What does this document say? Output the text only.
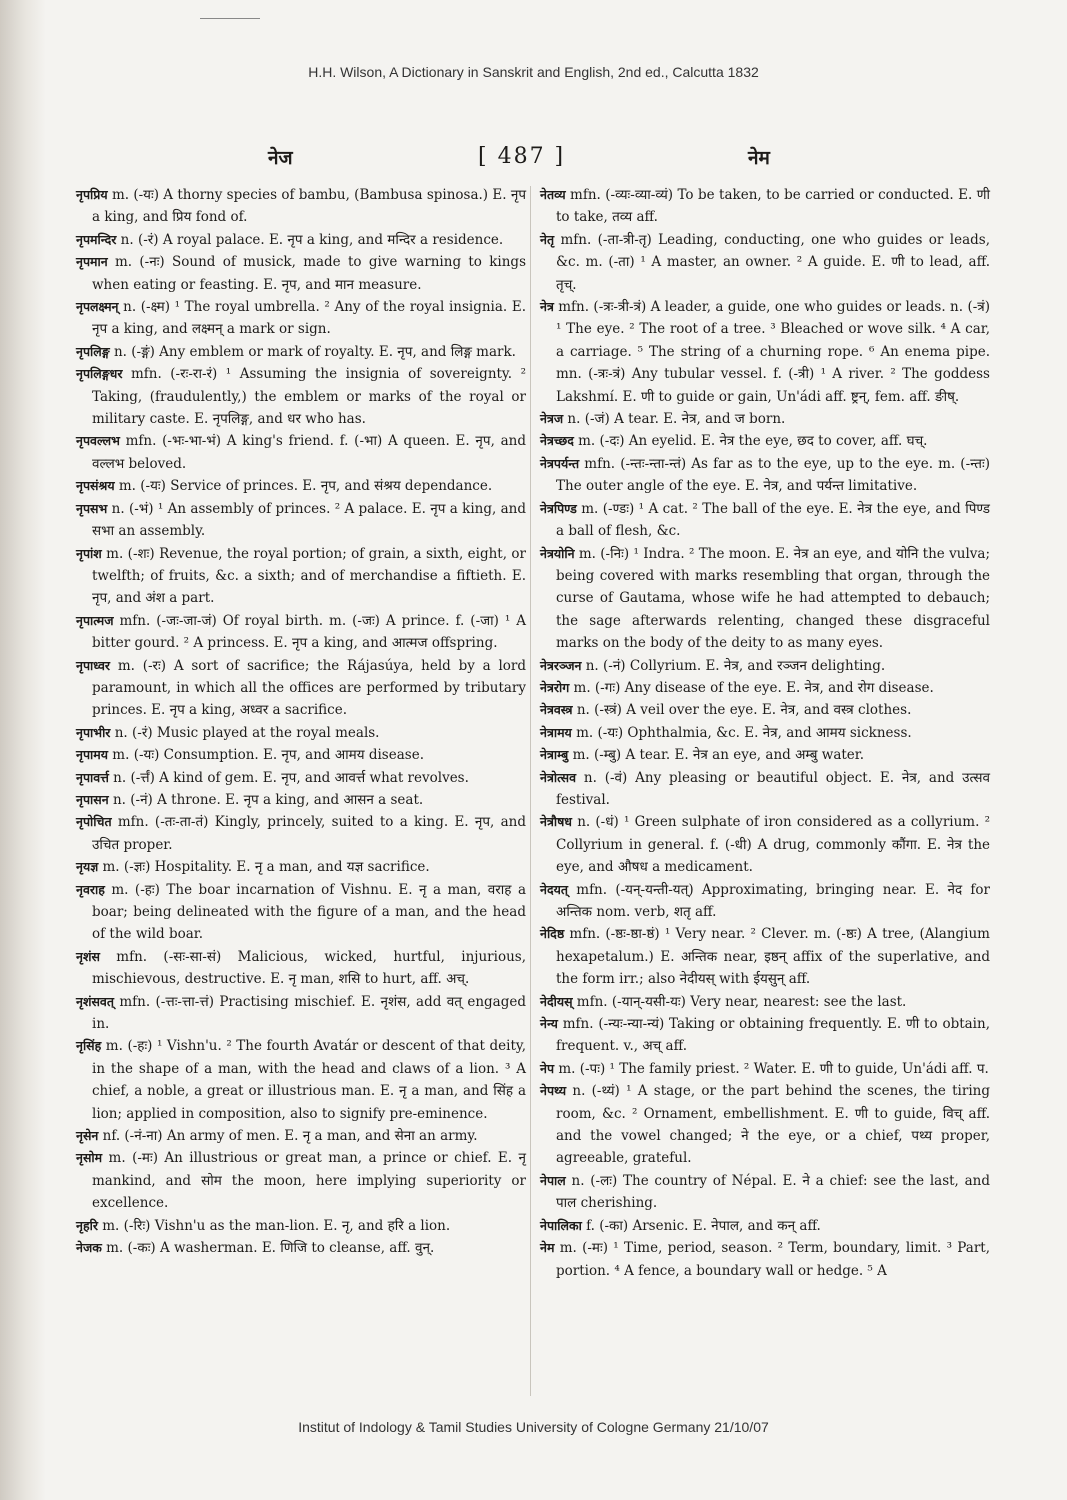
H.H. Wilson, A Dictionary in Sanskrit and English, 2nd ed., Calcutta 1832
नेज	[ 487 ]	नेम

नृपप्रिय m. (-यः) A thorny species of bambu, (Bambusa spinosa.) E. नृप a king, and प्रिय fond of.

नृपमन्दिर n. (-रं) A royal palace. E. नृप a king, and मन्दिर a residence.

नृपमान m. (-नः) Sound of musick, made to give warning to kings when eating or feasting. E. नृप, and मान measure.

नृपलक्ष्मन् n. (-क्ष्म) ¹ The royal umbrella. ² Any of the royal insignia. E. नृप a king, and लक्ष्मन् a mark or sign.

नृपलिङ्ग n. (-ङ्गं) Any emblem or mark of royalty. E. नृप, and लिङ्ग mark.

नृपलिङ्गधर mfn. (-रः-रा-रं) ¹ Assuming the insignia of sovereignty. ² Taking, (fraudulently,) the emblem or marks of the royal or military caste. E. नृपलिङ्ग, and धर who has.

नृपवल्लभ mfn. (-भः-भा-भं) A king's friend. f. (-भा) A queen. E. नृप, and वल्लभ beloved.

नृपसंश्रय m. (-यः) Service of princes. E. नृप, and संश्रय dependance.

नृपसभ n. (-भं) ¹ An assembly of princes. ² A palace. E. नृप a king, and सभा an assembly.

नृपांश m. (-शः) Revenue, the royal portion; of grain, a sixth, eight, or twelfth; of fruits, &c. a sixth; and of merchandise a fiftieth. E. नृप, and अंश a part.

नृपात्मज mfn. (-जः-जा-जं) Of royal birth. m. (-जः) A prince. f. (-जा) ¹ A bitter gourd. ² A princess. E. नृप a king, and आत्मज offspring.

नृपाध्वर m. (-रः) A sort of sacrifice; the Rájasúya, held by a lord paramount, in which all the offices are performed by tributary princes. E. नृप a king, अध्वर a sacrifice.

नृपाभीर n. (-रं) Music played at the royal meals.

नृपामय m. (-यः) Consumption. E. नृप, and आमय disease.

नृपावर्त्त n. (-र्त्तं) A kind of gem. E. नृप, and आवर्त्त what revolves.

नृपासन n. (-नं) A throne. E. नृप a king, and आसन a seat.

नृपोचित mfn. (-तः-ता-तं) Kingly, princely, suited to a king. E. नृप, and उचित proper.

नृयज्ञ m. (-ज्ञः) Hospitality. E. नृ a man, and यज्ञ sacrifice.

नृवराह m. (-हः) The boar incarnation of Vishnu. E. नृ a man, वराह a boar; being delineated with the figure of a man, and the head of the wild boar.

नृशंस mfn. (-सः-सा-सं) Malicious, wicked, hurtful, injurious, mischievous, destructive. E. नृ man, शसि to hurt, aff. अच्.

नृशंसवत् mfn. (-त्तः-त्ता-त्तं) Practising mischief. E. नृशंस, add वत् engaged in.

नृसिंह m. (-हः) ¹ Vishn'u. ² The fourth Avatár or descent of that deity, in the shape of a man, with the head and claws of a lion. ³ A chief, a noble, a great or illustrious man. E. नृ a man, and सिंह a lion; applied in composition, also to signify pre-eminence.

नृसेन nf. (-नं-ना) An army of men. E. नृ a man, and सेना an army.

नृसोम m. (-मः) An illustrious or great man, a prince or chief. E. नृ mankind, and सोम the moon, here implying superiority or excellence.

नृहरि m. (-रिः) Vishn'u as the man-lion. E. नृ, and हरि a lion.

नेजक m. (-कः) A washerman. E. णिजि to cleanse, aff. वुन्.

नेतव्य mfn. (-व्यः-व्या-व्यं) To be taken, to be carried or conducted. E. णी to take, तव्य aff.

नेतृ mfn. (-ता-त्री-तृ) Leading, conducting, one who guides or leads, &c. m. (-ता) ¹ A master, an owner. ² A guide. E. णी to lead, aff. तृच्.

नेत्र mfn. (-त्रः-त्री-त्रं) A leader, a guide, one who guides or leads. n. (-त्रं) ¹ The eye. ² The root of a tree. ³ Bleached or wove silk. ⁴ A car, a carriage. ⁵ The string of a churning rope. ⁶ An enema pipe. mn. (-त्रः-त्रं) Any tubular vessel. f. (-त्री) ¹ A river. ² The goddess Lakshmí. E. णी to guide or gain, Un'ádi aff. ष्ट्रन्, fem. aff. ङीष्.

नेत्रज n. (-जं) A tear. E. नेत्र, and ज born.

नेत्रच्छद m. (-दः) An eyelid. E. नेत्र the eye, छद to cover, aff. घच्.

नेत्रपर्यन्त mfn. (-न्तः-न्ता-न्तं) As far as to the eye, up to the eye. m. (-न्तः) The outer angle of the eye. E. नेत्र, and पर्यन्त limitative.

नेत्रपिण्ड m. (-ण्डः) ¹ A cat. ² The ball of the eye. E. नेत्र the eye, and पिण्ड a ball of flesh, &c.

नेत्रयोनि m. (-निः) ¹ Indra. ² The moon. E. नेत्र an eye, and योनि the vulva; being covered with marks resembling that organ, through the curse of Gautama, whose wife he had attempted to debauch; the sage afterwards relenting, changed these disgraceful marks on the body of the deity to as many eyes.

नेत्ररञ्जन n. (-नं) Collyrium. E. नेत्र, and रञ्जन delighting.

नेत्ररोग m. (-गः) Any disease of the eye. E. नेत्र, and रोग disease.

नेत्रवस्त्र n. (-स्त्रं) A veil over the eye. E. नेत्र, and वस्त्र clothes.

नेत्रामय m. (-यः) Ophthalmia, &c. E. नेत्र, and आमय sickness.

नेत्राम्बु m. (-म्बु) A tear. E. नेत्र an eye, and अम्बु water.

नेत्रोत्सव n. (-वं) Any pleasing or beautiful object. E. नेत्र, and उत्सव festival.

नेत्रौषध n. (-धं) ¹ Green sulphate of iron considered as a collyrium. ² Collyrium in general. f. (-धी) A drug, commonly कौंगा. E. नेत्र the eye, and औषध a medicament.

नेदयत् mfn. (-यन्-यन्ती-यत्) Approximating, bringing near. E. नेद for अन्तिक nom. verb, शतृ aff.

नेदिष्ठ mfn. (-ष्ठः-ष्ठा-ष्ठं) ¹ Very near. ² Clever. m. (-ष्ठः) A tree, (Alangium hexapetalum.) E. अन्तिक near, इष्ठन् affix of the superlative, and the form irr.; also नेदीयस् with ईयसुन् aff.

नेदीयस् mfn. (-यान्-यसी-यः) Very near, nearest: see the last.

नेन्य mfn. (-न्यः-न्या-न्यं) Taking or obtaining frequently. E. णी to obtain, frequent. v., अच् aff.

नेप m. (-पः) ¹ The family priest. ² Water. E. णी to guide, Un'ádi aff. प.

नेपथ्य n. (-थ्यं) ¹ A stage, or the part behind the scenes, the tiring room, &c. ² Ornament, embellishment. E. णी to guide, विच् aff. and the vowel changed; ने the eye, or a chief, पथ्य proper, agreeable, grateful.

नेपाल n. (-लः) The country of Népal. E. ने a chief: see the last, and पाल cherishing.

नेपालिका f. (-का) Arsenic. E. नेपाल, and कन् aff.

नेम m. (-मः) ¹ Time, period, season. ² Term, boundary, limit. ³ Part, portion. ⁴ A fence, a boundary wall or hedge. ⁵ A

Institut of Indology & Tamil Studies University of Cologne Germany 21/10/07
